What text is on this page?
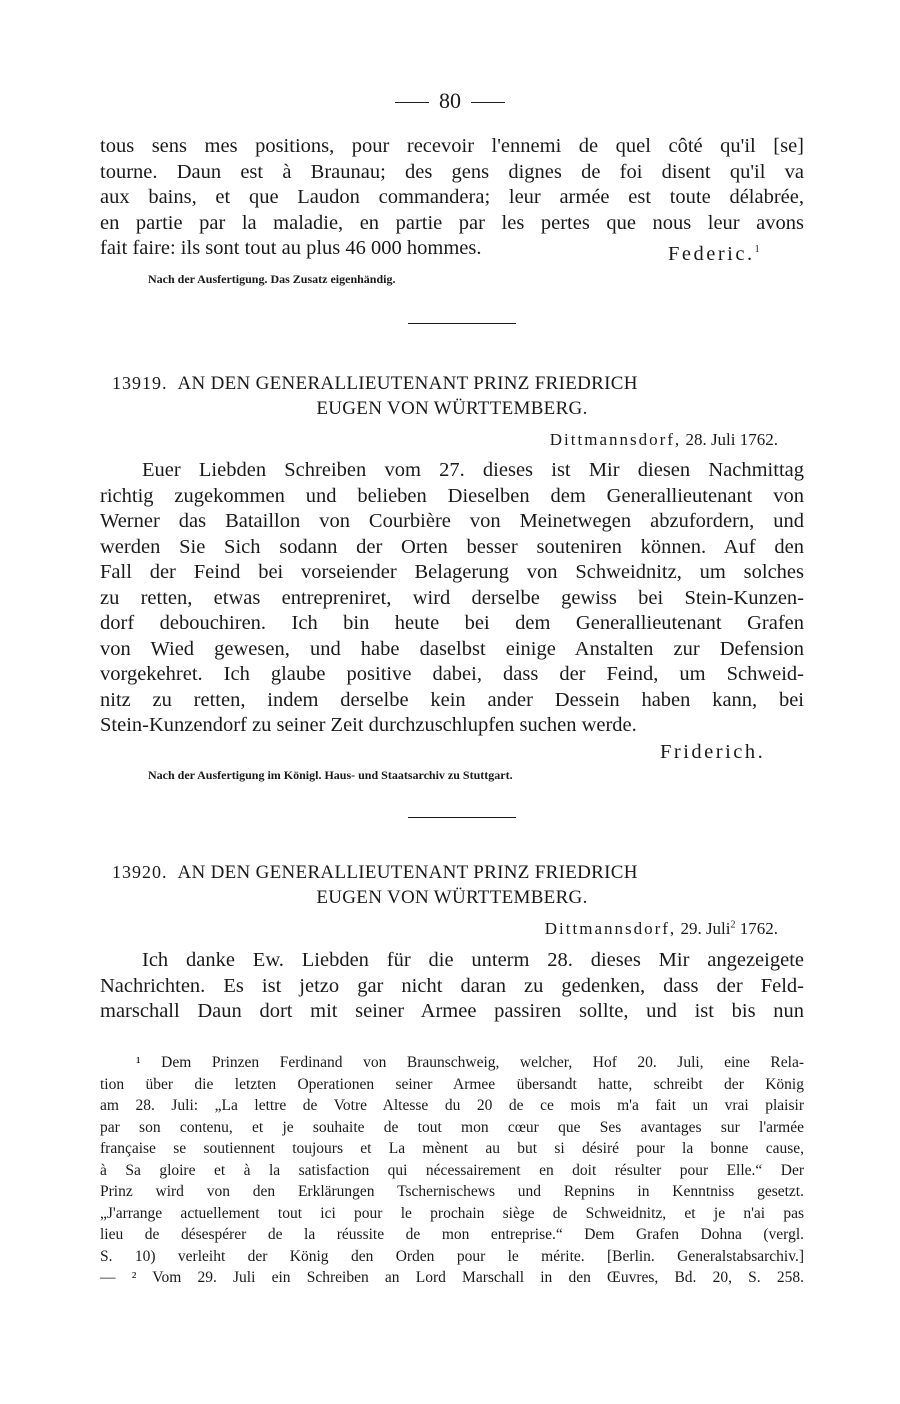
80
tous sens mes positions, pour recevoir l'ennemi de quel côté qu'il [se]
tourne. Daun est à Braunau; des gens dignes de foi disent qu'il va
aux bains, et que Laudon commandera; leur armée est toute délabrée,
en partie par la maladie, en partie par les pertes que nous leur avons
fait faire: ils sont tout au plus 46 000 hommes.	Federic.$^1$
Nach der Ausfertigung. Das Zusatz eigenhändig.
13919. AN DEN GENERALLIEUTENANT PRINZ FRIEDRICH
EUGEN VON WÜRTTEMBERG.
Dittmannsdorf, 28. Juli 1762.
Euer Liebden Schreiben vom 27. dieses ist Mir diesen Nachmittag
richtig zugekommen und belieben Dieselben dem Generallieutenant von
Werner das Bataillon von Courbière von Meinetwegen abzufordern, und
werden Sie Sich sodann der Orten besser souteniren können. Auf den
Fall der Feind bei vorseiender Belagerung von Schweidnitz, um solches
zu retten, etwas entrepreniret, wird derselbe gewiss bei Stein-Kunzen-
dorf debouchiren. Ich bin heute bei dem Generallieutenant Grafen
von Wied gewesen, und habe daselbst einige Anstalten zur Defension
vorgekehret. Ich glaube positive dabei, dass der Feind, um Schweid-
nitz zu retten, indem derselbe kein ander Dessein haben kann, bei
Stein-Kunzendorf zu seiner Zeit durchzuschlupfen suchen werde.
Friderich.
Nach der Ausfertigung im Königl. Haus- und Staatsarchiv zu Stuttgart.
13920. AN DEN GENERALLIEUTENANT PRINZ FRIEDRICH
EUGEN VON WÜRTTEMBERG.
Dittmannsdorf, 29. Juli$^2$ 1762.
Ich danke Ew. Liebden für die unterm 28. dieses Mir angezeigete
Nachrichten. Es ist jetzo gar nicht daran zu gedenken, dass der Feld-
marschall Daun dort mit seiner Armee passiren sollte, und ist bis nun
¹ Dem Prinzen Ferdinand von Braunschweig, welcher, Hof 20. Juli, eine Rela-
tion über die letzten Operationen seiner Armee übersandt hatte, schreibt der König
am 28. Juli: „La lettre de Votre Altesse du 20 de ce mois m'a fait un vrai plaisir
par son contenu, et je souhaite de tout mon cœur que Ses avantages sur l'armée
française se soutiennent toujours et La mènent au but si désiré pour la bonne cause,
à Sa gloire et à la satisfaction qui nécessairement en doit résulter pour Elle.“ Der
Prinz wird von den Erklärungen Tschernischews und Repnins in Kenntniss gesetzt.
„J'arrange actuellement tout ici pour le prochain siège de Schweidnitz, et je n'ai pas
lieu de désespérer de la réussite de mon entreprise.“ Dem Grafen Dohna (vergl.
S. 10) verleiht der König den Orden pour le mérite. [Berlin. Generalstabsarchiv.]
— ² Vom 29. Juli ein Schreiben an Lord Marschall in den Œuvres, Bd. 20, S. 258.
